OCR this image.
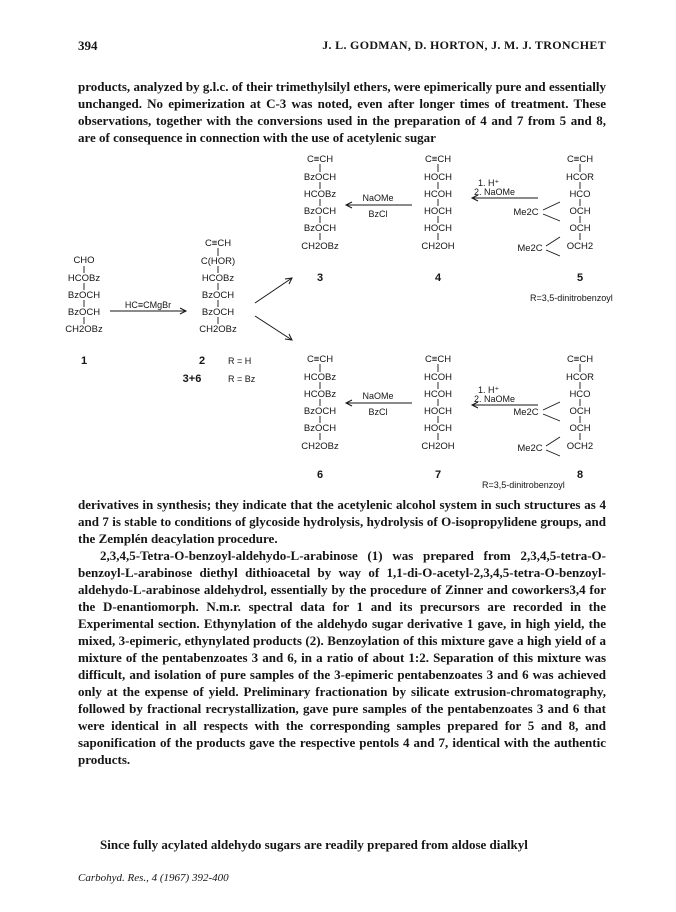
394	J. L. GODMAN, D. HORTON, J. M. J. TRONCHET

products, analyzed by g.l.c. of their trimethylsilyl ethers, were epimerically pure and essentially unchanged. No epimerization at C-3 was noted, even after longer times of treatment. These observations, together with the conversions used in the preparation of 4 and 7 from 5 and 8, are of consequence in connection with the use of acetylenic sugar

CHO
HCOBz
BzOCH
BzOCH
CH2OBz
1
HC≡CMgBr
C≡CH
C(HOR)
HCOBz
BzOCH
BzOCH
CH2OBz
2	R = H
3+6	R = Bz
C≡CH
BzOCH
HCOBz
BzOCH
BzOCH
CH2OBz
3
NaOMe
BzCl
C≡CH
HOCH
HCOH
HOCH
HOCH
CH2OH
4
1. H⁺
2. NaOMe
C≡CH
HCOR
HCO
OCH
OCH
OCH2
Me2C
Me2C
5
R=3,5-dinitrobenzoyl
C≡CH
HCOBz
HCOBz
BzOCH
BzOCH
CH2OBz
6
NaOMe
BzCl
C≡CH
HCOH
HCOH
HOCH
HOCH
CH2OH
7
1. H⁺
2. NaOMe
C≡CH
HCOR
HCO
OCH
OCH
OCH2
Me2C
Me2C
8
R=3,5-dinitrobenzoyl

derivatives in synthesis; they indicate that the acetylenic alcohol system in such structures as 4 and 7 is stable to conditions of glycoside hydrolysis, hydrolysis of O-isopropylidene groups, and the Zemplén deacylation procedure.

2,3,4,5-Tetra-O-benzoyl-aldehydo-L-arabinose (1) was prepared from 2,3,4,5-tetra-O-benzoyl-L-arabinose diethyl dithioacetal by way of 1,1-di-O-acetyl-2,3,4,5-tetra-O-benzoyl-aldehydo-L-arabinose aldehydrol, essentially by the procedure of Zinner and coworkers3,4 for the D-enantiomorph. N.m.r. spectral data for 1 and its precursors are recorded in the Experimental section. Ethynylation of the aldehydo sugar derivative 1 gave, in high yield, the mixed, 3-epimeric, ethynylated products (2). Benzoylation of this mixture gave a high yield of a mixture of the pentabenzoates 3 and 6, in a ratio of about 1:2. Separation of this mixture was difficult, and isolation of pure samples of the 3-epimeric pentabenzoates 3 and 6 was achieved only at the expense of yield. Preliminary fractionation by silicate extrusion-chromatography, followed by fractional recrystallization, gave pure samples of the pentabenzoates 3 and 6 that were identical in all respects with the corresponding samples prepared for 5 and 8, and saponification of the products gave the respective pentols 4 and 7, identical with the authentic products.

Since fully acylated aldehydo sugars are readily prepared from aldose dialkyl

Carbohyd. Res., 4 (1967) 392-400
